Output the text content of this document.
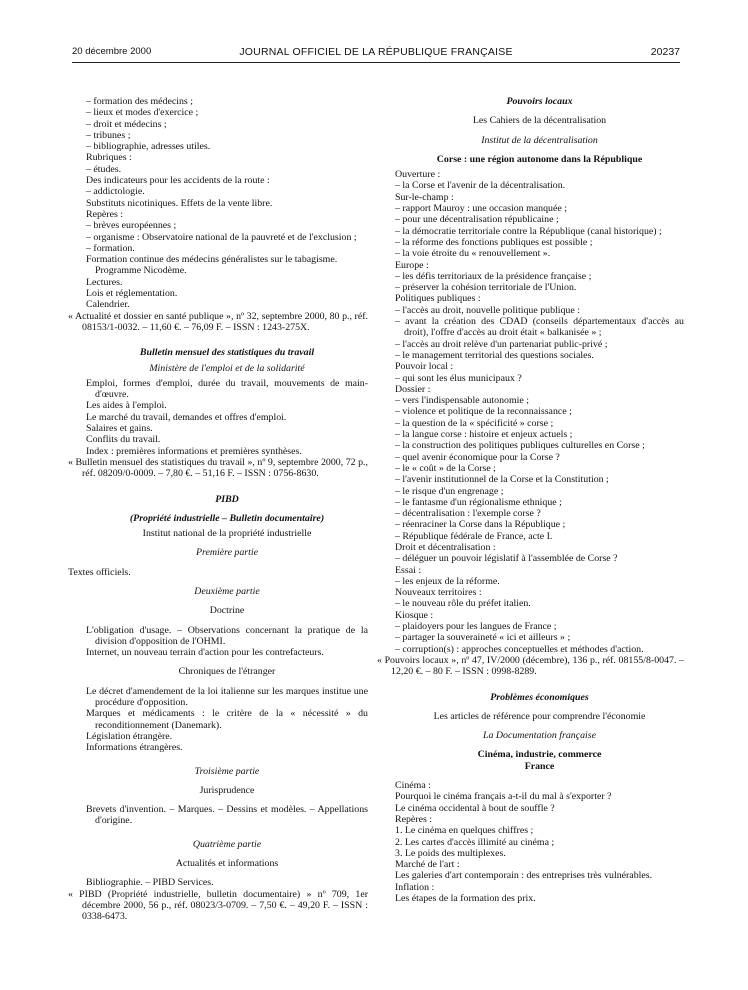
20 décembre 2000	JOURNAL OFFICIEL DE LA RÉPUBLIQUE FRANÇAISE	20237
– formation des médecins ;
– lieux et modes d'exercice ;
– droit et médecins ;
– tribunes ;
– bibliographie, adresses utiles.
Rubriques :
– études.
Des indicateurs pour les accidents de la route :
– addictologie.
Substituts nicotiniques. Effets de la vente libre.
Repères :
– brèves européennes ;
– organisme : Observatoire national de la pauvreté et de l'exclusion ;
– formation.
Formation continue des médecins généralistes sur le tabagisme. Programme Nicodème.
Lectures.
Lois et réglementation.
Calendrier.
« Actualité et dossier en santé publique », nº 32, septembre 2000, 80 p., réf. 08153/1-0032. – 11,60 €. – 76,09 F. – ISSN : 1243-275X.
Bulletin mensuel des statistiques du travail
Ministère de l'emploi et de la solidarité
Emploi, formes d'emploi, durée du travail, mouvements de main-d'œuvre.
Les aides à l'emploi.
Le marché du travail, demandes et offres d'emploi.
Salaires et gains.
Conflits du travail.
Index : premières informations et premières synthèses.
« Bulletin mensuel des statistiques du travail », nº 9, septembre 2000, 72 p., réf. 08209/0-0009. – 7,80 €. – 51,16 F. – ISSN : 0756-8630.
PIBD
(Propriété industrielle – Bulletin documentaire)
Institut national de la propriété industrielle
Première partie
Textes officiels.
Deuxième partie
Doctrine
L'obligation d'usage. – Observations concernant la pratique de la division d'opposition de l'OHMI.
Internet, un nouveau terrain d'action pour les contrefacteurs.
Chroniques de l'étranger
Le décret d'amendement de la loi italienne sur les marques institue une procédure d'opposition.
Marques et médicaments : le critère de la « nécessité » du reconditionnement (Danemark).
Législation étrangère.
Informations étrangères.
Troisième partie
Jurisprudence
Brevets d'invention. – Marques. – Dessins et modèles. – Appellations d'origine.
Quatrième partie
Actualités et informations
Bibliographie. – PIBD Services.
« PIBD (Propriété industrielle, bulletin documentaire) » nº 709, 1er décembre 2000, 56 p., réf. 08023/3-0709. – 7,50 €. – 49,20 F. – ISSN : 0338-6473.
Pouvoirs locaux
Les Cahiers de la décentralisation
Institut de la décentralisation
Corse : une région autonome dans la République
Ouverture :
– la Corse et l'avenir de la décentralisation.
Sur-le-champ :
– rapport Mauroy : une occasion manquée ;
– pour une décentralisation républicaine ;
– la démocratie territoriale contre la République (canal historique) ;
– la réforme des fonctions publiques est possible ;
– la voie étroite du « renouvellement ».
Europe :
– les défis territoriaux de la présidence française ;
– préserver la cohésion territoriale de l'Union.
Politiques publiques :
– l'accès au droit, nouvelle politique publique :
– avant la création des CDAD (conseils départementaux d'accès au droit), l'offre d'accès au droit était « balkanisée » ;
– l'accès au droit relève d'un partenariat public-privé ;
– le management territorial des questions sociales.
Pouvoir local :
– qui sont les élus municipaux ?
Dossier :
– vers l'indispensable autonomie ;
– violence et politique de la reconnaissance ;
– la question de la « spécificité » corse ;
– la langue corse : histoire et enjeux actuels ;
– la construction des politiques publiques culturelles en Corse ;
– quel avenir économique pour la Corse ?
– le « coût » de la Corse ;
– l'avenir institutionnel de la Corse et la Constitution ;
– le risque d'un engrenage ;
– le fantasme d'un régionalisme ethnique ;
– décentralisation : l'exemple corse ?
– réenraciner la Corse dans la République ;
– République fédérale de France, acte I.
Droit et décentralisation :
– déléguer un pouvoir législatif à l'assemblée de Corse ?
Essai :
– les enjeux de la réforme.
Nouveaux territoires :
– le nouveau rôle du préfet italien.
Kiosque :
– plaidoyers pour les langues de France ;
– partager la souveraineté « ici et ailleurs » ;
– corruption(s) : approches conceptuelles et méthodes d'action.
« Pouvoirs locaux », nº 47, IV/2000 (décembre), 136 p., réf. 08155/8-0047. – 12,20 €. – 80 F. – ISSN : 0998-8289.
Problèmes économiques
Les articles de référence pour comprendre l'économie
La Documentation française
Cinéma, industrie, commerce
France
Cinéma :
Pourquoi le cinéma français a-t-il du mal à s'exporter ?
Le cinéma occidental à bout de souffle ?
Repères :
1. Le cinéma en quelques chiffres ;
2. Les cartes d'accès illimité au cinéma ;
3. Le poids des multiplexes.
Marché de l'art :
Les galeries d'art contemporain : des entreprises très vulnérables.
Inflation :
Les étapes de la formation des prix.
